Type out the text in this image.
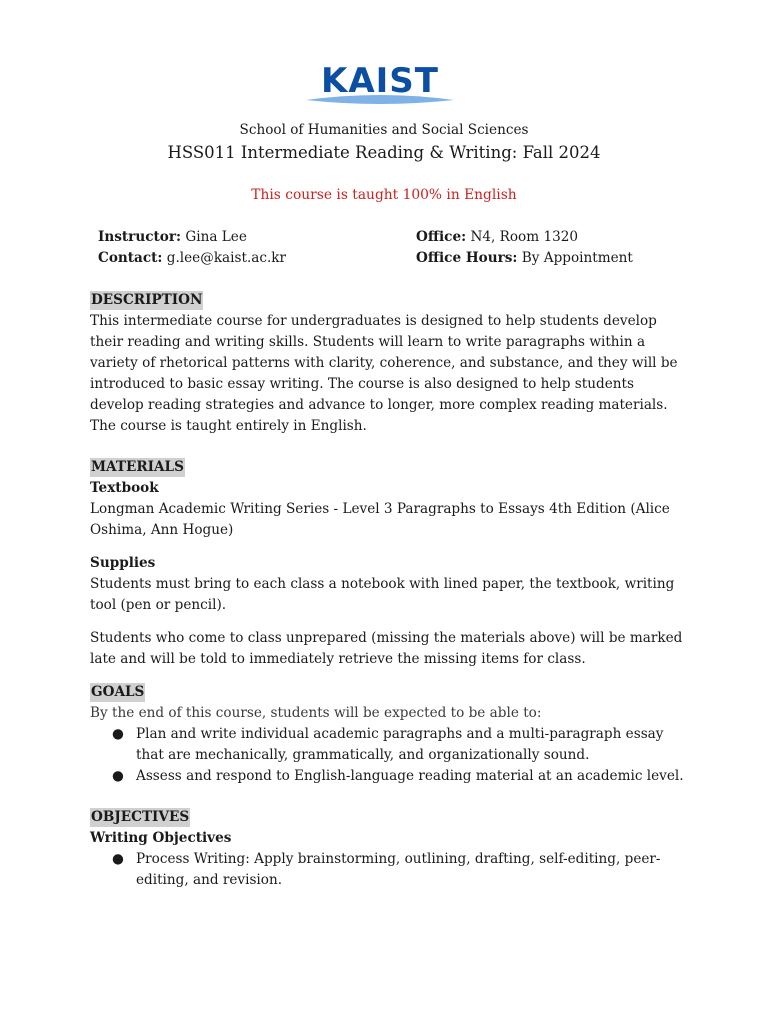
KAIST
School of Humanities and Social Sciences
HSS011 Intermediate Reading & Writing: Fall 2024
This course is taught 100% in English
Instructor: Gina Lee
Contact: g.lee@kaist.ac.kr
Office: N4, Room 1320
Office Hours: By Appointment
DESCRIPTION

This intermediate course for undergraduates is designed to help students develop their reading and writing skills. Students will learn to write paragraphs within a variety of rhetorical patterns with clarity, coherence, and substance, and they will be introduced to basic essay writing. The course is also designed to help students develop reading strategies and advance to longer, more complex reading materials. The course is taught entirely in English.

MATERIALS

Textbook

Longman Academic Writing Series - Level 3 Paragraphs to Essays 4th Edition (Alice Oshima, Ann Hogue)

Supplies

Students must bring to each class a notebook with lined paper, the textbook, writing tool (pen or pencil).

Students who come to class unprepared (missing the materials above) will be marked late and will be told to immediately retrieve the missing items for class.

GOALS

By the end of this course, students will be expected to be able to:

● Plan and write individual academic paragraphs and a multi-paragraph essay that are mechanically, grammatically, and organizationally sound.
● Assess and respond to English-language reading material at an academic level.
OBJECTIVES

Writing Objectives

● Process Writing: Apply brainstorming, outlining, drafting, self-editing, peer-editing, and revision.
